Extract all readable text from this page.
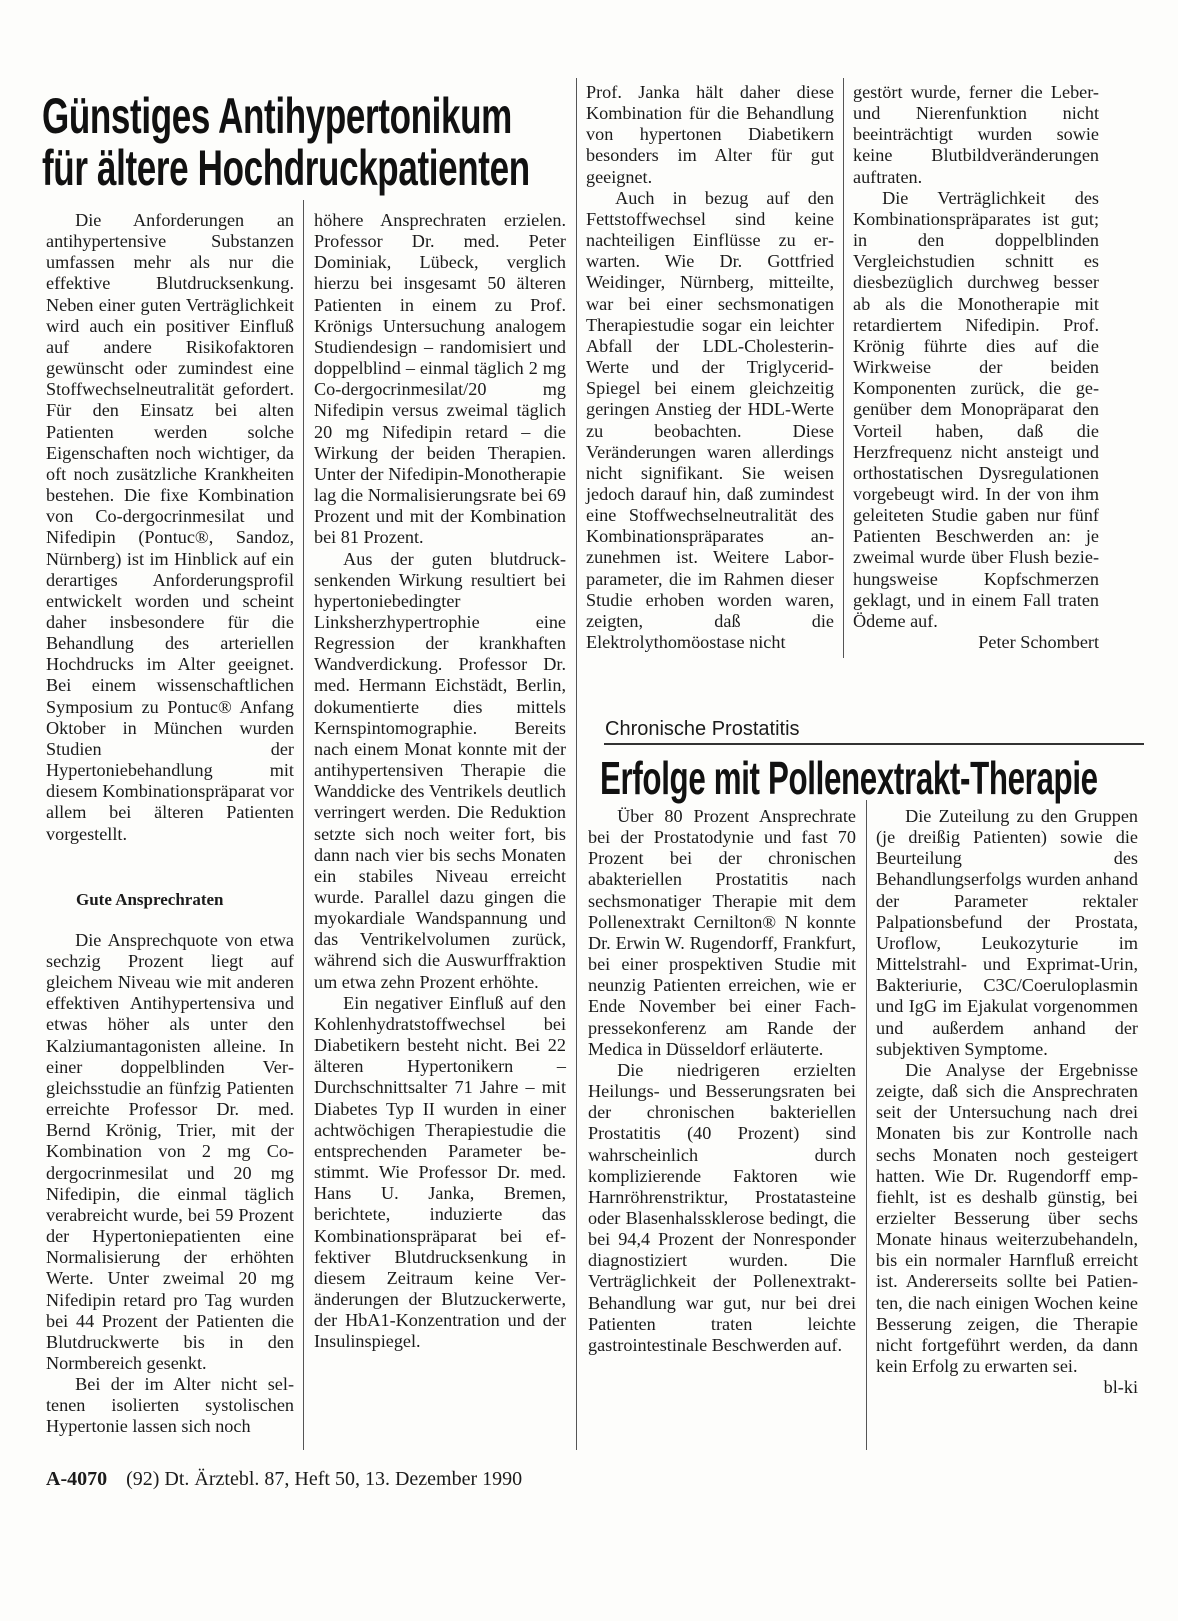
Günstiges Antihypertonikum
für ältere Hochdruckpatienten

Die Anforderungen an antihypertensive Substanzen umfassen mehr als nur die effektive Blutdrucksenkung. Neben einer guten Verträglichkeit wird auch ein positiver Einfluß auf andere Risikofaktoren gewünscht oder zumindest eine Stoffwechselneutralität gefordert. Für den Einsatz bei alten Patienten werden solche Eigenschaften noch wichtiger, da oft noch zusätzliche Krankheiten bestehen. Die fixe Kombination von Co-dergocrinmesilat und Nifedipin (Pontuc®, Sandoz, Nürnberg) ist im Hinblick auf ein derartiges Anforderungsprofil entwickelt worden und scheint daher insbesondere für die Behandlung des arteriellen Hochdrucks im Alter geeignet. Bei einem wissenschaftlichen Symposium zu Pontuc® Anfang Oktober in München wurden Studien der Hypertoniebehandlung mit diesem Kombinationspräparat vor allem bei älteren Patienten vorgestellt.

Gute Ansprechraten

Die Ansprechquote von etwa sechzig Prozent liegt auf gleichem Niveau wie mit anderen effektiven Antihypertensiva und etwas höher als unter den Kalziumantagonisten alleine. In einer doppelblinden Vergleichsstudie an fünfzig Patienten erreichte Professor Dr. med. Bernd Krönig, Trier, mit der Kombination von 2 mg Co-dergocrinmesilat und 20 mg Nifedipin, die einmal täglich verabreicht wurde, bei 59 Prozent der Hypertoniepatienten eine Normalisierung der erhöhten Werte. Unter zweimal 20 mg Nifedipin retard pro Tag wurden bei 44 Prozent der Patienten die Blutdruckwerte bis in den Normbereich gesenkt.

Bei der im Alter nicht seltenen isolierten systolischen Hypertonie lassen sich noch

höhere Ansprechraten erzielen. Professor Dr. med. Peter Dominiak, Lübeck, verglich hierzu bei insgesamt 50 älteren Patienten in einem zu Prof. Krönigs Untersuchung analogem Studiendesign – randomisiert und doppelblind – einmal täglich 2 mg Co-dergocrinmesilat/20 mg Nifedipin versus zweimal täglich 20 mg Nifedipin retard – die Wirkung der beiden Therapien. Unter der Nifedipin-Monotherapie lag die Normalisierungsrate bei 69 Prozent und mit der Kombination bei 81 Prozent.

Aus der guten blutdrucksenkenden Wirkung resultiert bei hypertoniebedingter Linksherzhypertrophie eine Regression der krankhaften Wandverdickung. Professor Dr. med. Hermann Eichstädt, Berlin, dokumentierte dies mittels Kernspintomographie. Bereits nach einem Monat konnte mit der antihypertensiven Therapie die Wanddicke des Ventrikels deutlich verringert werden. Die Reduktion setzte sich noch weiter fort, bis dann nach vier bis sechs Monaten ein stabiles Niveau erreicht wurde. Parallel dazu gingen die myokardiale Wandspannung und das Ventrikelvolumen zurück, während sich die Auswurffraktion um etwa zehn Prozent erhöhte.

Ein negativer Einfluß auf den Kohlenhydratstoffwechsel bei Diabetikern besteht nicht. Bei 22 älteren Hypertonikern – Durchschnittsalter 71 Jahre – mit Diabetes Typ II wurden in einer achtwöchigen Therapiestudie die entsprechenden Parameter bestimmt. Wie Professor Dr. med. Hans U. Janka, Bremen, berichtete, induzierte das Kombinationspräparat bei effektiver Blutdrucksenkung in diesem Zeitraum keine Veränderungen der Blutzuckerwerte, der HbA1-Konzentration und der Insulinspiegel.

Prof. Janka hält daher diese Kombination für die Behandlung von hypertonen Diabetikern besonders im Alter für gut geeignet.

Auch in bezug auf den Fettstoffwechsel sind keine nachteiligen Einflüsse zu erwarten. Wie Dr. Gottfried Weidinger, Nürnberg, mitteilte, war bei einer sechsmonatigen Therapiestudie sogar ein leichter Abfall der LDL-Cholesterin-Werte und der Triglycerid-Spiegel bei einem gleichzeitig geringen Anstieg der HDL-Werte zu beobachten. Diese Veränderungen waren allerdings nicht signifikant. Sie weisen jedoch darauf hin, daß zumindest eine Stoffwechselneutralität des Kombinationspräparates anzunehmen ist. Weitere Laborparameter, die im Rahmen dieser Studie erhoben worden waren, zeigten, daß die Elektrolythomöostase nicht

gestört wurde, ferner die Leber- und Nierenfunktion nicht beeinträchtigt wurden sowie keine Blutbildveränderungen auftraten.

Die Verträglichkeit des Kombinationspräparates ist gut; in den doppelblinden Vergleichstudien schnitt es diesbezüglich durchweg besser ab als die Monotherapie mit retardiertem Nifedipin. Prof. Krönig führte dies auf die Wirkweise der beiden Komponenten zurück, die gegenüber dem Monopräparat den Vorteil haben, daß die Herzfrequenz nicht ansteigt und orthostatischen Dysregulationen vorgebeugt wird. In der von ihm geleiteten Studie gaben nur fünf Patienten Beschwerden an: je zweimal wurde über Flush beziehungsweise Kopfschmerzen geklagt, und in einem Fall traten Ödeme auf.

Peter Schombert

Chronische Prostatitis
Erfolge mit Pollenextrakt-Therapie

Über 80 Prozent Ansprechrate bei der Prostatodynie und fast 70 Prozent bei der chronischen abakteriellen Prostatitis nach sechsmonatiger Therapie mit dem Pollenextrakt Cernilton® N konnte Dr. Erwin W. Rugendorff, Frankfurt, bei einer prospektiven Studie mit neunzig Patienten erreichen, wie er Ende November bei einer Fachpressekonferenz am Rande der Medica in Düsseldorf erläuterte.

Die niedrigeren erzielten Heilungs- und Besserungsraten bei der chronischen bakteriellen Prostatitis (40 Prozent) sind wahrscheinlich durch komplizierende Faktoren wie Harnröhrenstriktur, Prostatasteine oder Blasenhalssklerose bedingt, die bei 94,4 Prozent der Nonresponder diagnostiziert wurden. Die Verträglichkeit der Pollenextrakt-Behandlung war gut, nur bei drei Patienten traten leichte gastrointestinale Beschwerden auf.

Die Zuteilung zu den Gruppen (je dreißig Patienten) sowie die Beurteilung des Behandlungserfolgs wurden anhand der Parameter rektaler Palpationsbefund der Prostata, Uroflow, Leukozyturie im Mittelstrahl- und Exprimat-Urin, Bakteriurie, C3C/Coeruloplasmin und IgG im Ejakulat vorgenommen und außerdem anhand der subjektiven Symptome.

Die Analyse der Ergebnisse zeigte, daß sich die Ansprechraten seit der Untersuchung nach drei Monaten bis zur Kontrolle nach sechs Monaten noch gesteigert hatten. Wie Dr. Rugendorff empfiehlt, ist es deshalb günstig, bei erzielter Besserung über sechs Monate hinaus weiterzubehandeln, bis ein normaler Harnfluß erreicht ist. Andererseits sollte bei Patienten, die nach einigen Wochen keine Besserung zeigen, die Therapie nicht fortgeführt werden, da dann kein Erfolg zu erwarten sei.

bl-ki

A-4070 (92) Dt. Ärztebl. 87, Heft 50, 13. Dezember 1990
